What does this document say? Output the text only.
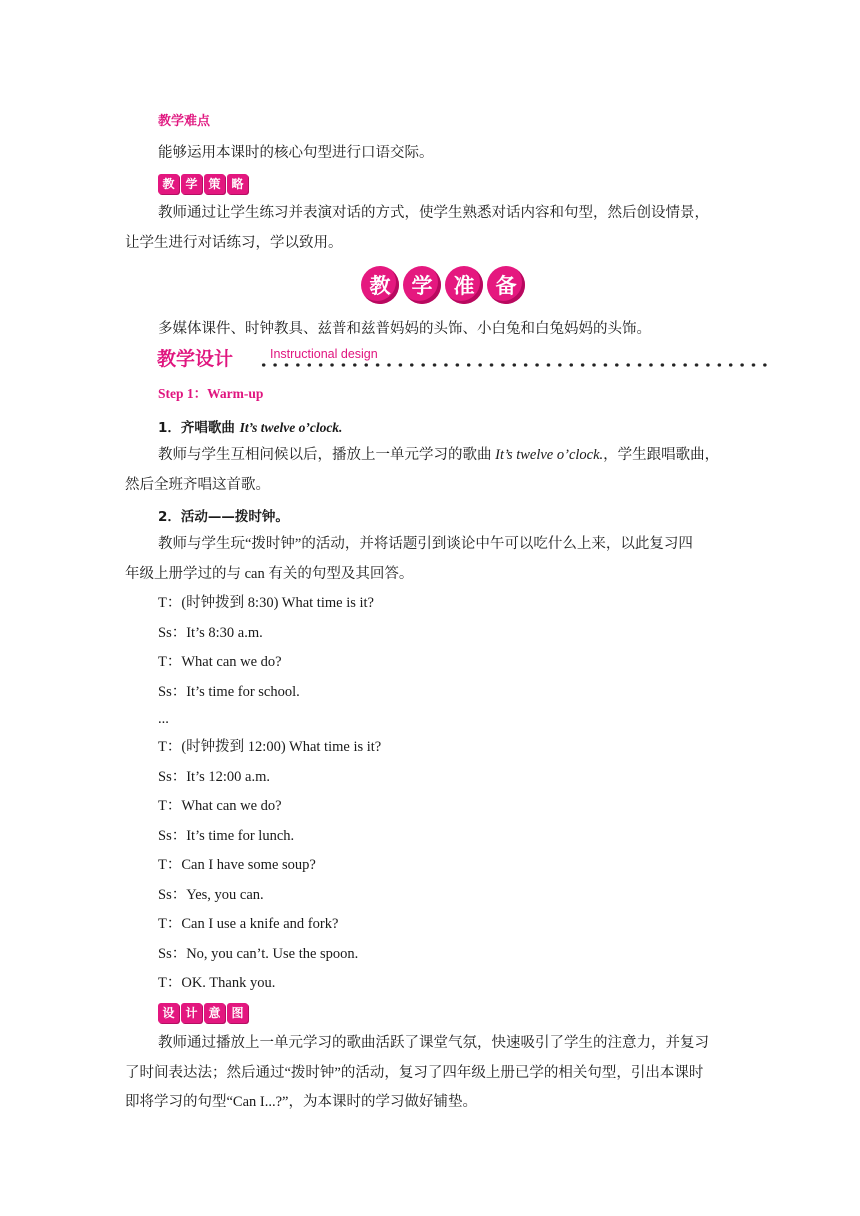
教学难点
能够运用本课时的核心句型进行口语交际。
教 学 策 略
教师通过让学生练习并表演对话的方式，使学生熟悉对话内容和句型，然后创设情景，
让学生进行对话练习，学以致用。
教	学	准	备
多媒体课件、时钟教具、兹普和兹普妈妈的头饰、小白兔和白兔妈妈的头饰。
教学设计	Instructional design
Step 1：Warm-up
1．齐唱歌曲 It’s twelve o’clock.
教师与学生互相问候以后，播放上一单元学习的歌曲 It’s twelve o’clock.，学生跟唱歌曲，
然后全班齐唱这首歌。
2．活动——拨时钟。
教师与学生玩“拨时钟”的活动，并将话题引到谈论中午可以吃什么上来，以此复习四
年级上册学过的与 can 有关的句型及其回答。
T：(时钟拨到 8:30) What time is it?
Ss：It’s 8:30 a.m.
T：What can we do?
Ss：It’s time for school.
...
T：(时钟拨到 12:00) What time is it?
Ss：It’s 12:00 a.m.
T：What can we do?
Ss：It’s time for lunch.
T：Can I have some soup?
Ss：Yes, you can.
T：Can I use a knife and fork?
Ss：No, you can’t. Use the spoon.
T：OK. Thank you.
设 计 意 图
教师通过播放上一单元学习的歌曲活跃了课堂气氛，快速吸引了学生的注意力，并复习
了时间表达法；然后通过“拨时钟”的活动，复习了四年级上册已学的相关句型，引出本课时
即将学习的句型“Can I...?”，为本课时的学习做好铺垫。
